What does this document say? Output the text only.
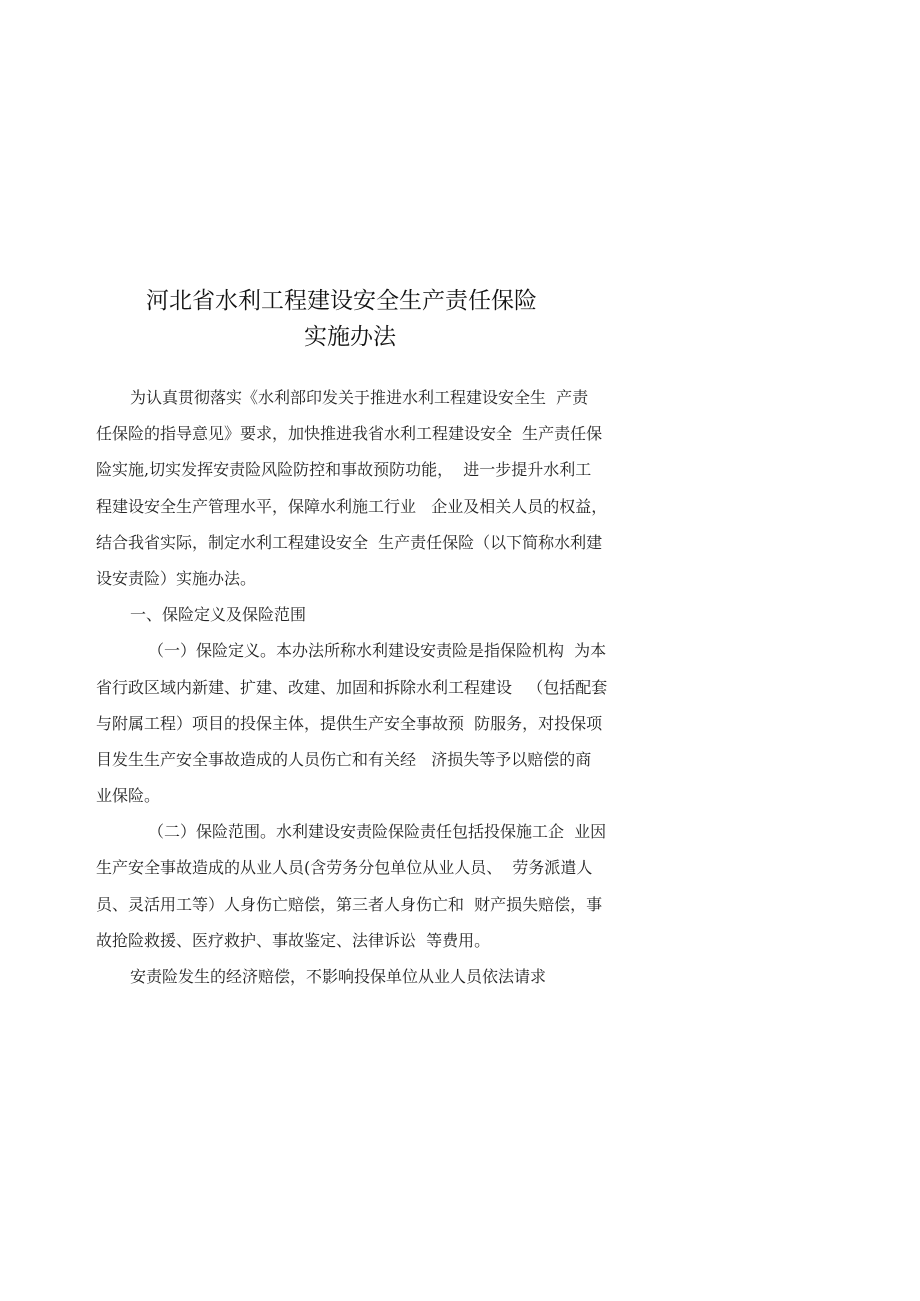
河北省水利工程建设安全生产责任保险
实施办法
为认真贯彻落实《水利部印发关于推进水利工程建设安全生  产责
任保险的指导意见》要求，加快推进我省水利工程建设安全  生产责任保
险实施,切实发挥安责险风险防控和事故预防功能，  进一步提升水利工
程建设安全生产管理水平，保障水利施工行业   企业及相关人员的权益，
结合我省实际，制定水利工程建设安全  生产责任保险（以下简称水利建
设安责险）实施办法。
一、保险定义及保险范围
（一）保险定义。本办法所称水利建设安责险是指保险机构  为本
省行政区域内新建、扩建、改建、加固和拆除水利工程建设   （包括配套
与附属工程）项目的投保主体，提供生产安全事故预  防服务，对投保项
目发生生产安全事故造成的人员伤亡和有关经   济损失等予以赔偿的商
业保险。
（二）保险范围。水利建设安责险保险责任包括投保施工企  业因
生产安全事故造成的从业人员(含劳务分包单位从业人员、  劳务派遣人
员、灵活用工等）人身伤亡赔偿，第三者人身伤亡和  财产损失赔偿，事
故抢险救援、医疗救护、事故鉴定、法律诉讼  等费用。
安责险发生的经济赔偿，不影响投保单位从业人员依法请求
